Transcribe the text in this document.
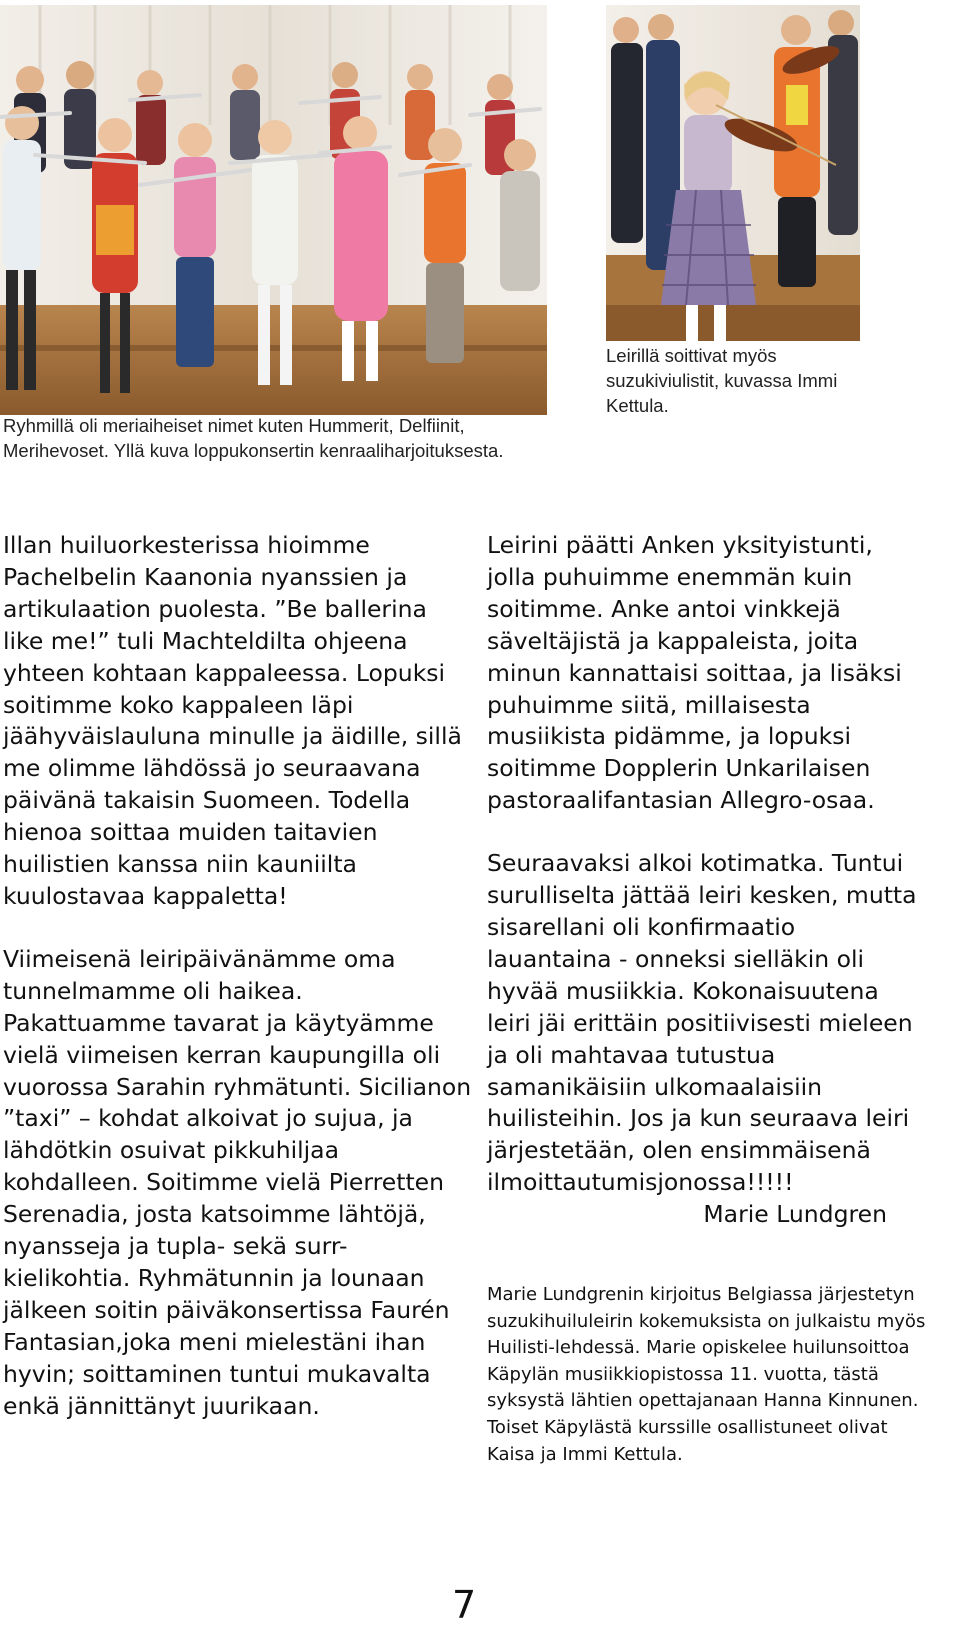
Ryhmillä oli meriaiheiset nimet kuten Hummerit, Delfiinit, Merihevoset. Yllä kuva loppukonsertin kenraaliharjoituksesta.

Leirillä soittivat myös suzukiviulistit, kuvassa Immi Kettula.

Illan huiluorkesterissa hioimme Pachelbelin Kaanonia nyanssien ja artikulaation puolesta. ”Be ballerina like me!” tuli Machteldilta ohjeena yhteen kohtaan kappaleessa. Lopuksi soitimme koko kappaleen läpi jäähyväislauluna minulle ja äidille, sillä me olimme lähdössä jo seuraavana päivänä takaisin Suomeen. Todella hienoa soittaa muiden taitavien huilistien kanssa niin kauniilta kuulostavaa kappaletta!

Viimeisenä leiripäivänämme oma tunnelmamme oli haikea. Pakattuamme tavarat ja käytyämme vielä viimeisen kerran kaupungilla oli vuorossa Sarahin ryhmätunti. Sicilianon ”taxi” – kohdat alkoivat jo sujua, ja lähdötkin osuivat pikkuhiljaa kohdalleen. Soitimme vielä Pierretten Serenadia, josta katsoimme lähtöjä, nyansseja ja tupla- sekä surr-kielikohtia. Ryhmätunnin ja lounaan jälkeen soitin päiväkonsertissa Faurén Fantasian,joka meni mielestäni ihan hyvin; soittaminen tuntui mukavalta enkä jännittänyt juurikaan.

Leirini päätti Anken yksityistunti, jolla puhuimme enemmän kuin soitimme. Anke antoi vinkkejä säveltäjistä ja kappaleista, joita minun kannattaisi soittaa, ja lisäksi puhuimme siitä, millaisesta musiikista pidämme, ja lopuksi soitimme Dopplerin Unkarilaisen pastoraalifantasian Allegro-osaa.

Seuraavaksi alkoi kotimatka. Tuntui surulliselta jättää leiri kesken, mutta sisarellani oli konfirmaatio lauantaina - onneksi sielläkin oli hyvää musiikkia. Kokonaisuutena leiri jäi erittäin positiivisesti mieleen ja oli mahtavaa tutustua samanikäisiin ulkomaalaisiin huilisteihin. Jos ja kun seuraava leiri järjestetään, olen ensimmäisenä ilmoittautumisjonossa!!!!!

Marie Lundgren

Marie Lundgrenin kirjoitus Belgiassa järjestetyn suzukihuiluleirin kokemuksista on julkaistu myös Huilisti-lehdessä. Marie opiskelee huilunsoittoa Käpylän musiikkiopistossa 11. vuotta, tästä syksystä lähtien opettajanaan Hanna Kinnunen. Toiset Käpylästä kurssille osallistuneet olivat Kaisa ja Immi Kettula.

7
